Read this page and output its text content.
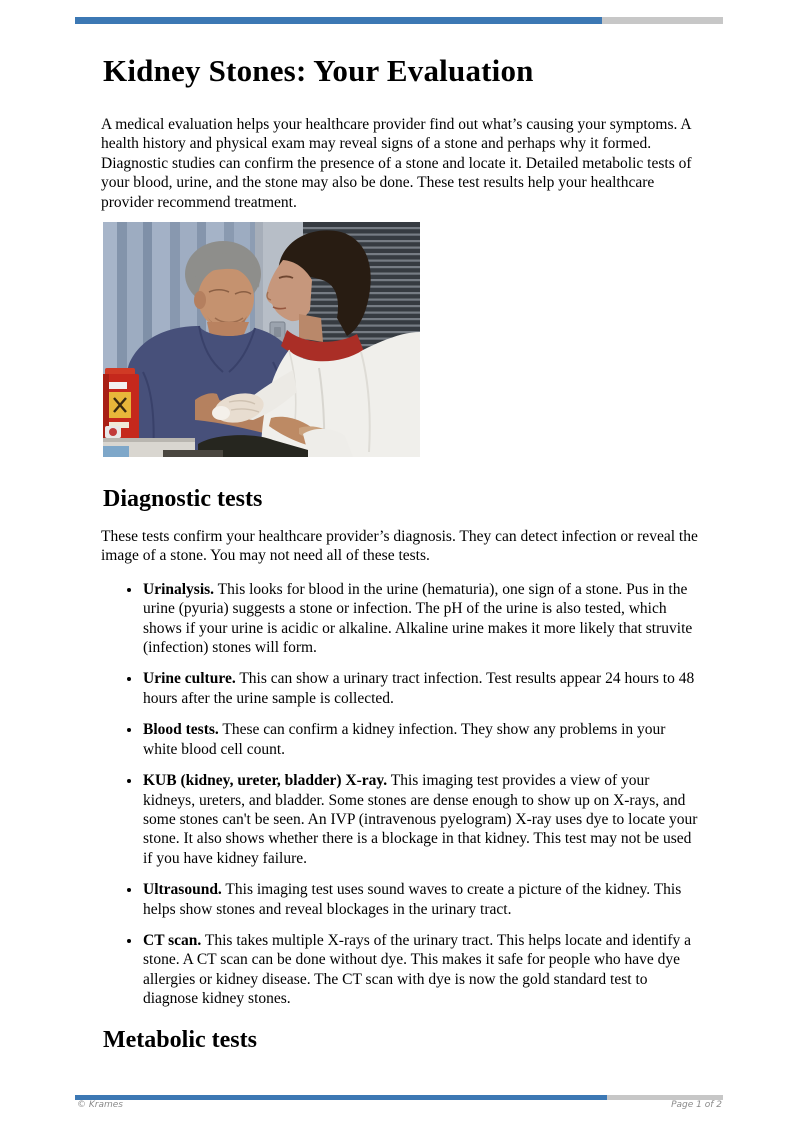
Kidney Stones: Your Evaluation

A medical evaluation helps your healthcare provider find out what’s causing your symptoms. A health history and physical exam may reveal signs of a stone and perhaps why it formed. Diagnostic studies can confirm the presence of a stone and locate it. Detailed metabolic tests of your blood, urine, and the stone may also be done. These test results help your healthcare provider recommend treatment.

Diagnostic tests

These tests confirm your healthcare provider’s diagnosis. They can detect infection or reveal the image of a stone. You may not need all of these tests.

• Urinalysis. This looks for blood in the urine (hematuria), one sign of a stone. Pus in the urine (pyuria) suggests a stone or infection. The pH of the urine is also tested, which shows if your urine is acidic or alkaline. Alkaline urine makes it more likely that struvite (infection) stones will form.
• Urine culture. This can show a urinary tract infection. Test results appear 24 hours to 48 hours after the urine sample is collected.
• Blood tests. These can confirm a kidney infection. They show any problems in your white blood cell count.
• KUB (kidney, ureter, bladder) X-ray. This imaging test provides a view of your kidneys, ureters, and bladder. Some stones are dense enough to show up on X-rays, and some stones can't be seen. An IVP (intravenous pyelogram) X-ray uses dye to locate your stone. It also shows whether there is a blockage in that kidney. This test may not be used if you have kidney failure.
• Ultrasound. This imaging test uses sound waves to create a picture of the kidney. This helps show stones and reveal blockages in the urinary tract.
• CT scan. This takes multiple X-rays of the urinary tract. This helps locate and identify a stone. A CT scan can be done without dye. This makes it safe for people who have dye allergies or kidney disease. The CT scan with dye is now the gold standard test to diagnose kidney stones.
Metabolic tests
© Krames	Page 1 of 2
